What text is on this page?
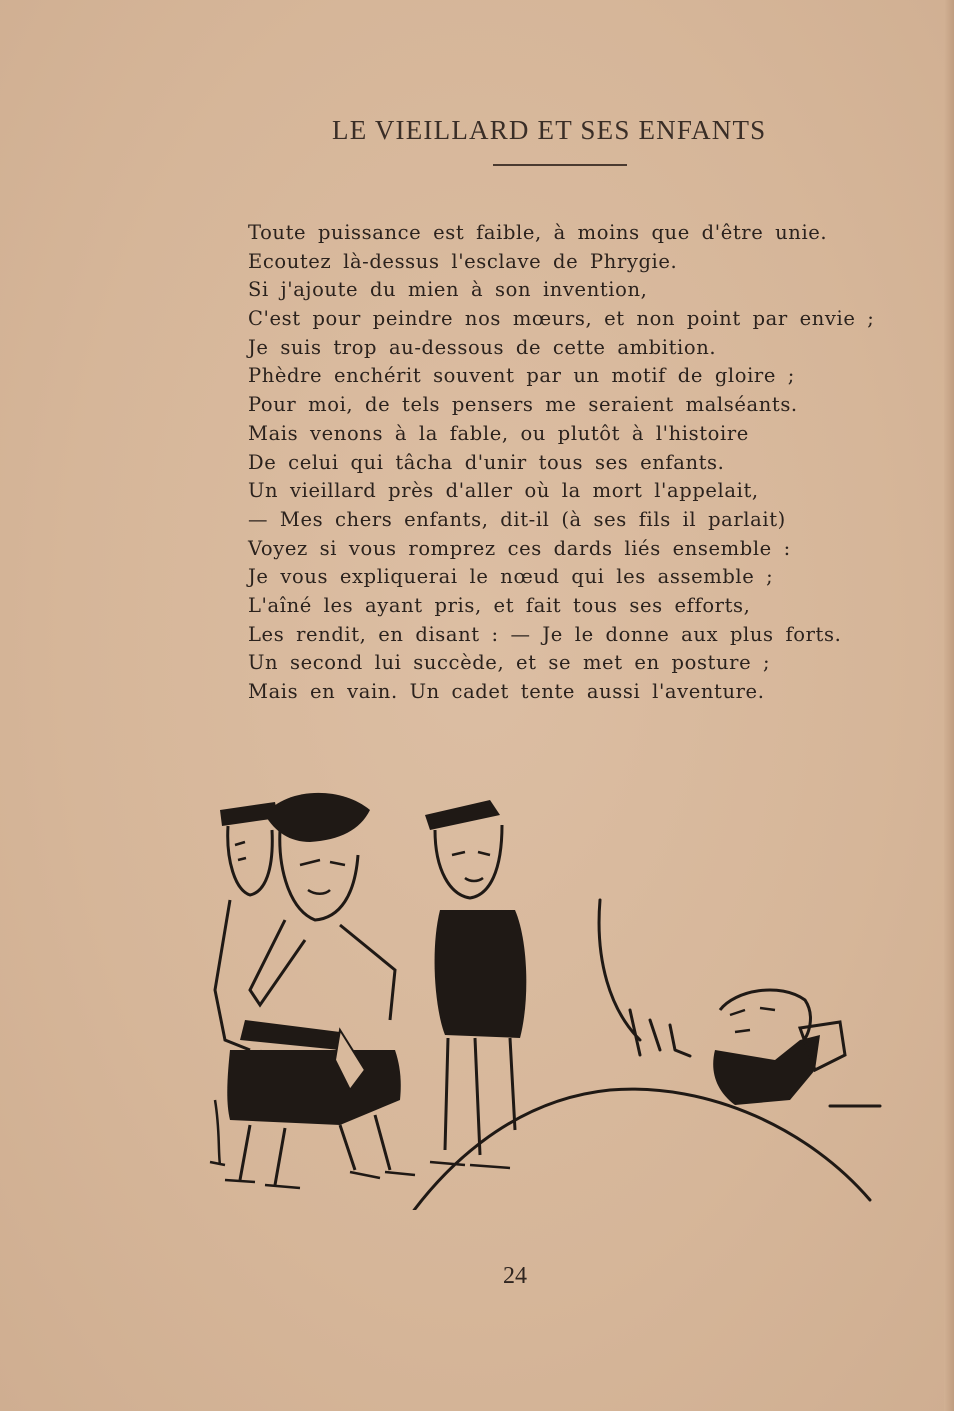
LE VIEILLARD ET SES ENFANTS
Toute puissance est faible, à moins que d'être unie.
Ecoutez là-dessus l'esclave de Phrygie.
Si j'ajoute du mien à son invention,
C'est pour peindre nos mœurs, et non point par envie ;
Je suis trop au-dessous de cette ambition.
Phèdre enchérit souvent par un motif de gloire ;
Pour moi, de tels pensers me seraient malséants.
Mais venons à la fable, ou plutôt à l'histoire
De celui qui tâcha d'unir tous ses enfants.
Un vieillard près d'aller où la mort l'appelait,
— Mes chers enfants, dit-il (à ses fils il parlait)
Voyez si vous romprez ces dards liés ensemble :
Je vous expliquerai le nœud qui les assemble ;
L'aîné les ayant pris, et fait tous ses efforts,
Les rendit, en disant : — Je le donne aux plus forts.
Un second lui succède, et se met en posture ;
Mais en vain. Un cadet tente aussi l'aventure.
24
